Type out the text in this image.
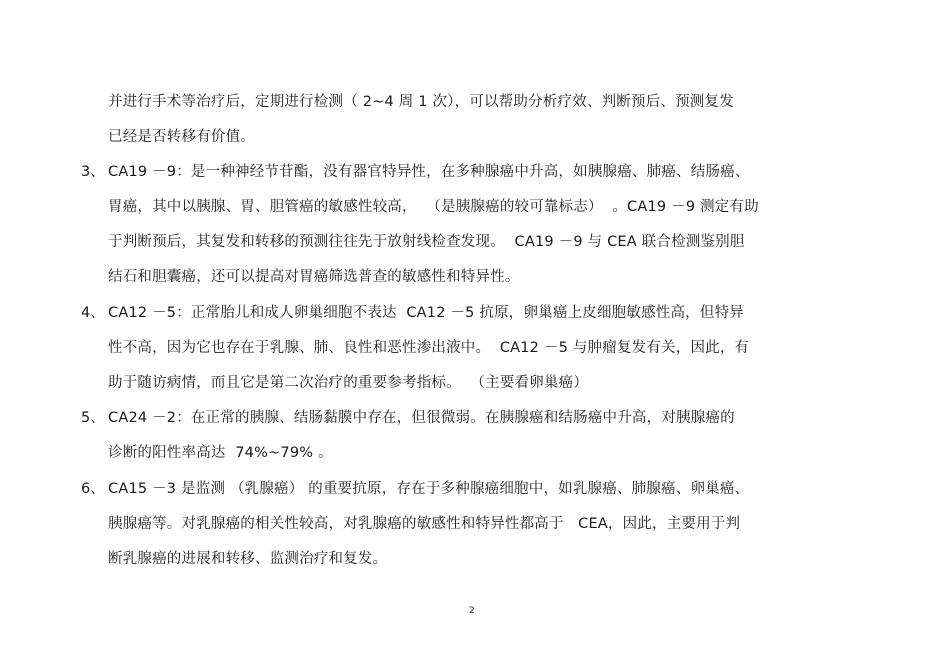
并进行手术等治疗后，定期进行检测（ 2~4 周 1 次），可以帮助分析疗效、判断预后、预测复发
已经是否转移有价值。
3、 CA19 －9：是一种神经节苷酯，没有器官特异性，在多种腺癌中升高，如胰腺癌、肺癌、结肠癌、
胃癌，其中以胰腺、胃、胆管癌的敏感性较高，  （是胰腺癌的较可靠标志）  。CA19 －9 测定有助
于判断预后，其复发和转移的预测往往先于放射线检查发现。  CA19 －9 与 CEA 联合检测鉴别胆
结石和胆囊癌，还可以提高对胃癌筛选普查的敏感性和特异性。
4、 CA12 －5：正常胎儿和成人卵巢细胞不表达  CA12 －5 抗原，卵巢癌上皮细胞敏感性高，但特异
性不高，因为它也存在于乳腺、肺、良性和恶性渗出液中。  CA12 －5 与肿瘤复发有关，因此，有
助于随访病情，而且它是第二次治疗的重要参考指标。  （主要看卵巢癌）
5、 CA24 －2：在正常的胰腺、结肠黏膜中存在，但很微弱。在胰腺癌和结肠癌中升高，对胰腺癌的
诊断的阳性率高达  74%~79% 。
6、 CA15 －3 是监测 （乳腺癌） 的重要抗原，存在于多种腺癌细胞中，如乳腺癌、肺腺癌、卵巢癌、
胰腺癌等。对乳腺癌的相关性较高，对乳腺癌的敏感性和特异性都高于   CEA，因此，主要用于判
断乳腺癌的进展和转移、监测治疗和复发。
2
